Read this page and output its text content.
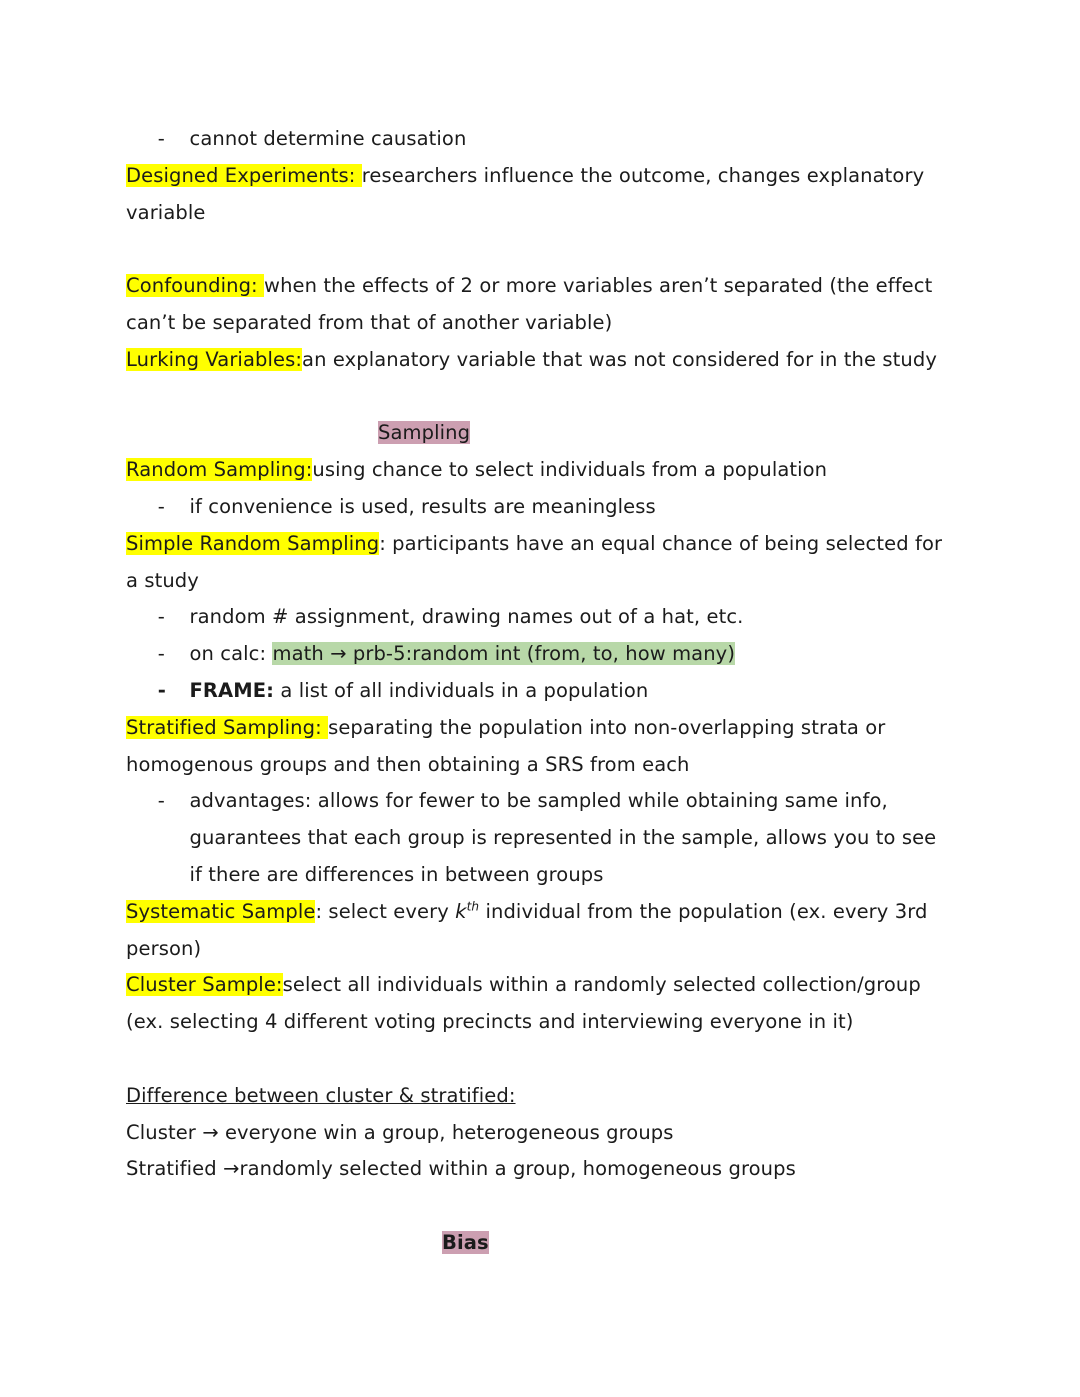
- cannot determine causation
Designed Experiments: researchers influence the outcome, changes explanatory variable

Confounding: when the effects of 2 or more variables aren’t separated (the effect can’t be separated from that of another variable)
Lurking Variables:an explanatory variable that was not considered for in the study

Sampling
Random Sampling:using chance to select individuals from a population
- if convenience is used, results are meaningless
Simple Random Sampling: participants have an equal chance of being selected for a study
- random # assignment, drawing names out of a hat, etc.
- on calc: math → prb-5:random int (from, to, how many)
- FRAME: a list of all individuals in a population
Stratified Sampling: separating the population into non-overlapping strata or homogenous groups and then obtaining a SRS from each
- advantages: allows for fewer to be sampled while obtaining same info, guarantees that each group is represented in the sample, allows you to see if there are differences in between groups
Systematic Sample: select every $k^{th}$ individual from the population (ex. every 3rd person)
Cluster Sample:select all individuals within a randomly selected collection/group (ex. selecting 4 different voting precincts and interviewing everyone in it)

Difference between cluster & stratified:
Cluster → everyone win a group, heterogeneous groups
Stratified →randomly selected within a group, homogeneous groups

Bias
